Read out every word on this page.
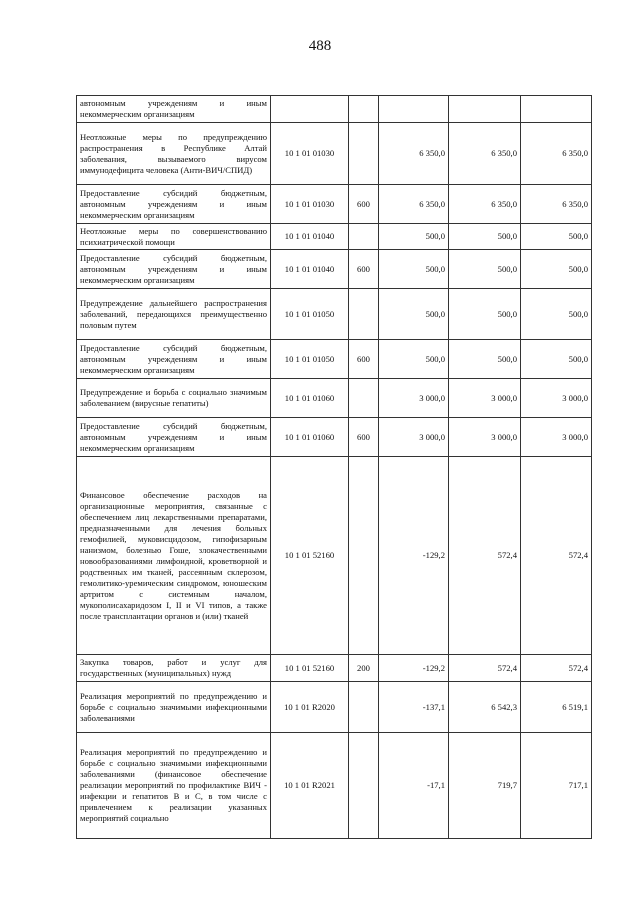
488
автономным учреждениям и иным некоммерческим организациям					
Неотложные меры по предупреждению распространения в Республике Алтай заболевания, вызываемого вирусом иммунодефицита человека (Анти-ВИЧ/СПИД)	10 1 01 01030		6 350,0	6 350,0	6 350,0
Предоставление субсидий бюджетным, автономным учреждениям и иным некоммерческим организациям	10 1 01 01030	600	6 350,0	6 350,0	6 350,0
Неотложные меры по совершенствованию психиатрической помощи	10 1 01 01040		500,0	500,0	500,0
Предоставление субсидий бюджетным, автономным учреждениям и иным некоммерческим организациям	10 1 01 01040	600	500,0	500,0	500,0
Предупреждение дальнейшего распространения заболеваний, передающихся преимущественно половым путем	10 1 01 01050		500,0	500,0	500,0
Предоставление субсидий бюджетным, автономным учреждениям и иным некоммерческим организациям	10 1 01 01050	600	500,0	500,0	500,0
Предупреждение и борьба с социально значимым заболеванием (вирусные гепатиты)	10 1 01 01060		3 000,0	3 000,0	3 000,0
Предоставление субсидий бюджетным, автономным учреждениям и иным некоммерческим организациям	10 1 01 01060	600	3 000,0	3 000,0	3 000,0
Финансовое обеспечение расходов на организационные мероприятия, связанные с обеспечением лиц лекарственными препаратами, предназначенными для лечения больных гемофилией, муковисцидозом, гипофизарным нанизмом, болезнью Гоше, злокачественными новообразованиями лимфоидной, кроветворной и родственных им тканей, рассеянным склерозом, гемолитико-уремическим синдромом, юношеским артритом с системным началом, мукополисахаридозом I, II и VI типов, а также после трансплантации органов и (или) тканей	10 1 01 52160		-129,2	572,4	572,4
Закупка товаров, работ и услуг для государственных (муниципальных) нужд	10 1 01 52160	200	-129,2	572,4	572,4
Реализация мероприятий по предупреждению и борьбе с социально значимыми инфекционными заболеваниями	10 1 01 R2020		-137,1	6 542,3	6 519,1
Реализация мероприятий по предупреждению и борьбе с социально значимыми инфекционными заболеваниями (финансовое обеспечение реализации мероприятий по профилактике ВИЧ - инфекции и гепатитов В и С, в том числе с привлечением к реализации указанных мероприятий социально	10 1 01 R2021		-17,1	719,7	717,1
